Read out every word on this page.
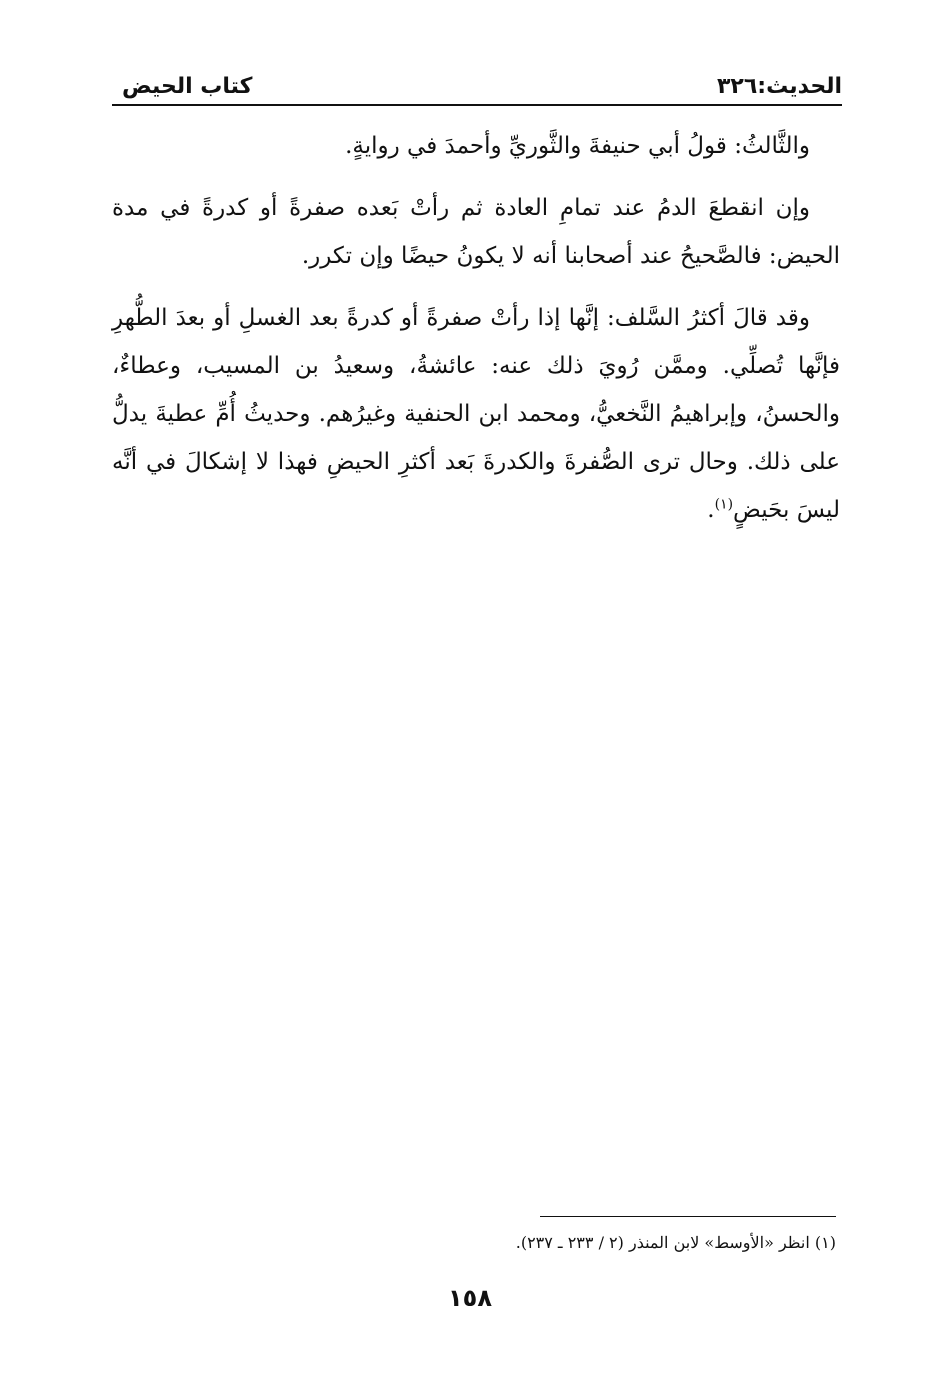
الحديث:٣٢٦
كتاب الحيض

والثَّالثُ: قولُ أبي حنيفةَ والثَّوريِّ وأحمدَ في روايةٍ.

وإن انقطعَ الدمُ عند تمامِ العادة ثم رأتْ بَعده صفرةً أو كدرةً في مدة الحيض: فالصَّحيحُ عند أصحابنا أنه لا يكونُ حيضًا وإن تكرر.

وقد قالَ أكثرُ السَّلف: إنَّها إذا رأتْ صفرةً أو كدرةً بعد الغسلِ أو بعدَ الطُّهرِ فإنَّها تُصلِّي. وممَّن رُويَ ذلك عنه: عائشةُ، وسعيدُ بن المسيب، وعطاءٌ، والحسنُ، وإبراهيمُ النَّخعيُّ، ومحمد ابن الحنفية وغيرُهم. وحديثُ أُمِّ عطيةَ يدلُّ على ذلك. وحال ترى الصُّفرةَ والكدرةَ بَعد أكثرِ الحيضِ فهذا لا إشكالَ في أنَّه ليسَ بحَيضٍ$^{(١)}$.

(١) انظر «الأوسط» لابن المنذر (٢ / ٢٣٣ ـ ٢٣٧).
١٥٨
